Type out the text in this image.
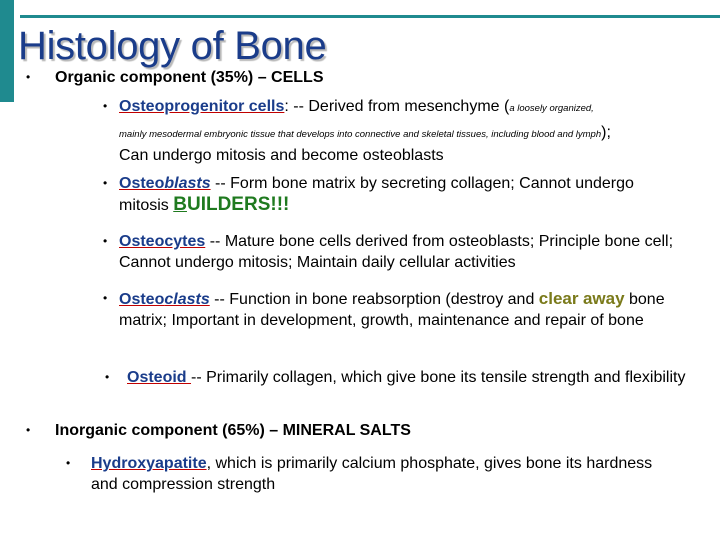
Histology of Bone
• Organic component (35%) – CELLS
• Osteoprogenitor cells: -- Derived from mesenchyme (a loosely organized,
mainly mesodermal embryonic tissue that develops into connective and skeletal tissues, including blood and lymph);
Can undergo mitosis and become osteoblasts
• Osteoblasts -- Form bone matrix by secreting collagen; Cannot undergo mitosis BUILDERS!!!
• Osteocytes -- Mature bone cells derived from osteoblasts; Principle bone cell; Cannot undergo mitosis; Maintain daily cellular activities
• Osteoclasts -- Function in bone reabsorption (destroy and clear away bone matrix; Important in development, growth, maintenance and repair of bone
• Osteoid -- Primarily collagen, which give bone its tensile strength and flexibility
• Inorganic component (65%) – MINERAL SALTS
• Hydroxyapatite, which is primarily calcium phosphate, gives bone its hardness and compression strength
